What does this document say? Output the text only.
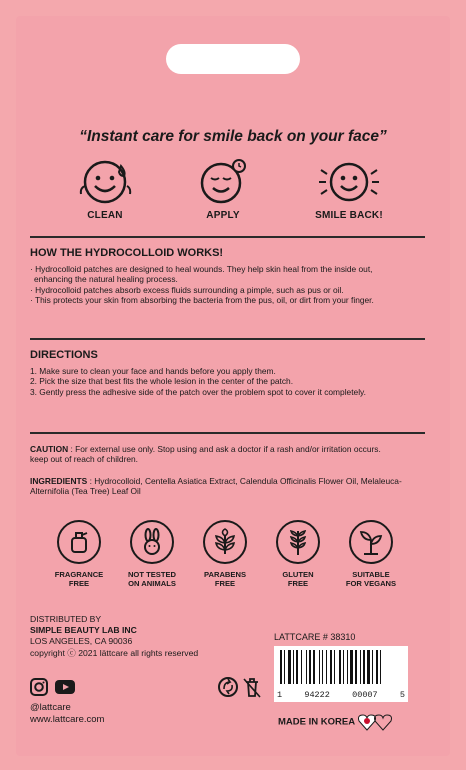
“Instant care for smile back on your face”
CLEAN	APPLY	SMILE BACK!
HOW THE HYDROCOLLOID WORKS!

· Hydrocolloid patches are designed to heal wounds. They help skin heal from the inside out,

enhancing the natural healing process.

· Hydrocolloid patches absorb excess fluids surrounding a pimple, such as pus or oil.

· This protects your skin from absorbing the bacteria from the pus, oil, or dirt from your finger.

DIRECTIONS

1. Make sure to clean your face and hands before you apply them.

2. Pick the size that best fits the whole lesion in the center of the patch.

3. Gently press the adhesive side of the patch over the problem spot to cover it completely.

CAUTION : For external use only. Stop using and ask a doctor if a rash and/or irritation occurs.

keep out of reach of children.

INGREDIENTS : Hydrocolloid, Centella Asiatica Extract, Calendula Officinalis Flower Oil, Melaleuca-

Alternifolia (Tea Tree) Leaf Oil

FRAGRANCE
FREE
NOT TESTED
ON ANIMALS
PARABENS
FREE
GLUTEN
FREE
SUITABLE
FOR VEGANS
DISTRIBUTED BY
SIMPLE BEAUTY LAB INC
LOS ANGELES, CA 90036
copyright ⓒ 2021 lättcare all rights reserved
LATTCARE # 38310
1	94222	00007	5
@lattcare
www.lattcare.com	MADE IN KOREA
